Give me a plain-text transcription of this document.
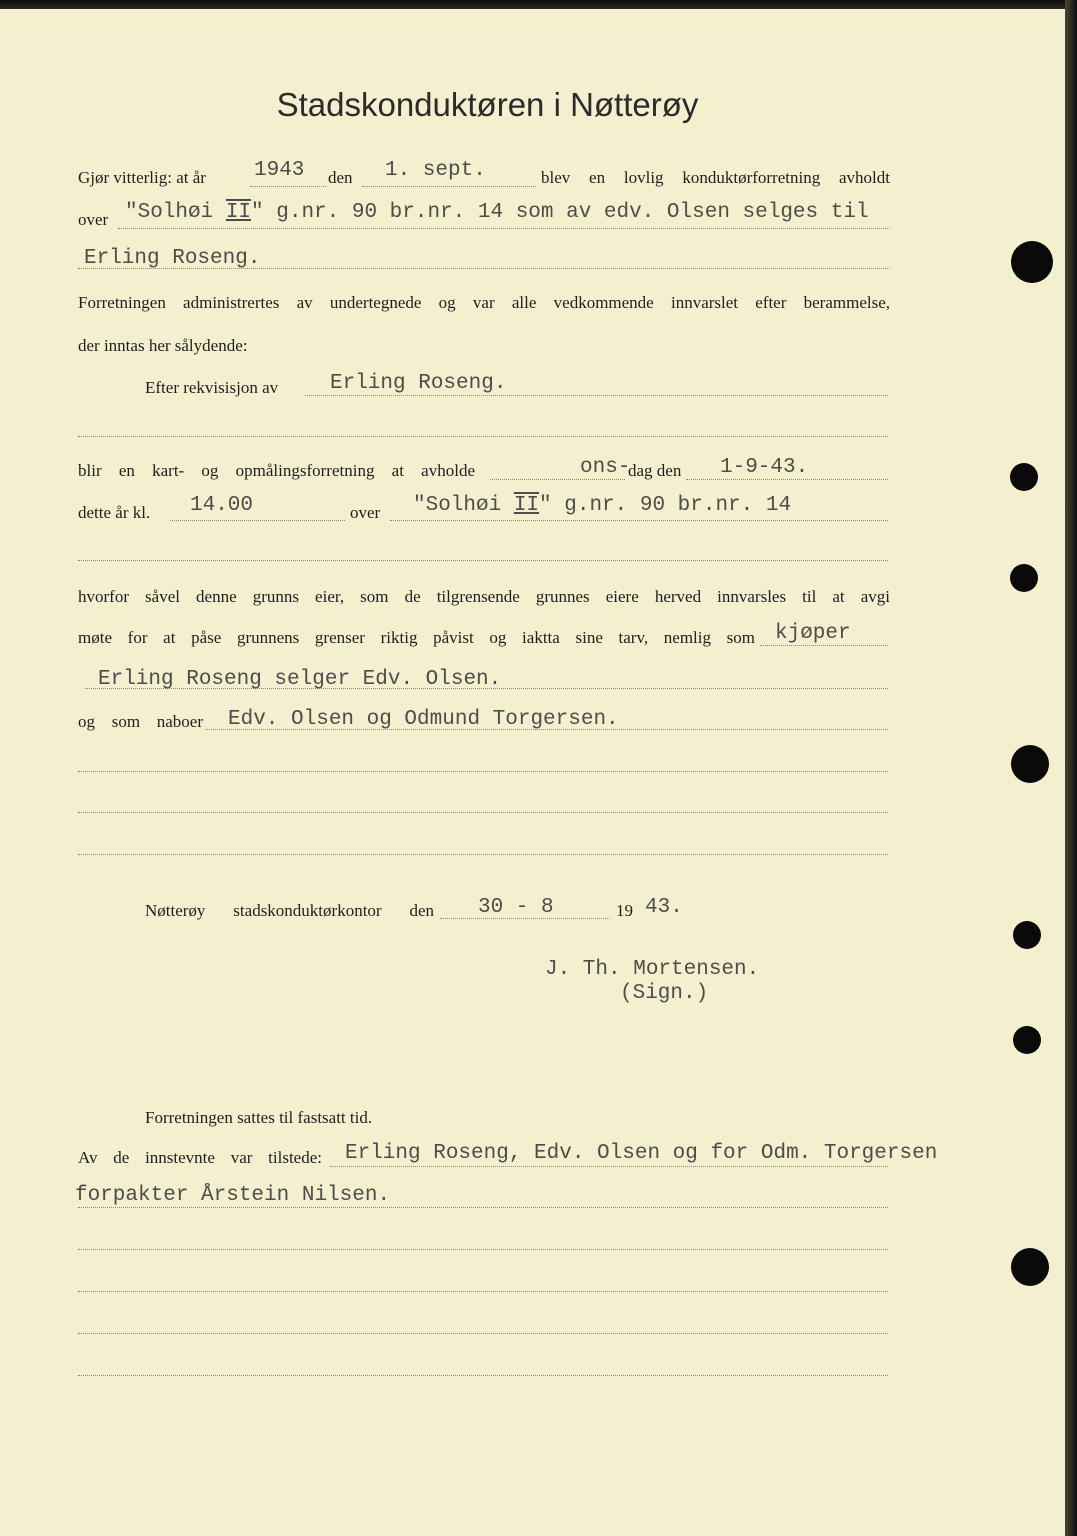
Stadskonduktøren i Nøtterøy
Gjør vitterlig: at år 1943 den 1. sept.	blev en lovlig konduktørforretning avholdt
over "Solhøi II" g.nr. 90 br.nr. 14 som av edv. Olsen selges til
Erling Roseng.
Forretningen administrertes av undertegnede og var alle vedkommende innvarslet efter berammelse,
der inntas her sålydende:
Efter rekvisisjon av Erling Roseng.
blir en kart- og opmålingsforretning at avholde	ons-
dag den 1-9-43.
dette år kl. 14.00	over "Solhøi II" g.nr. 90 br.nr. 14
hvorfor såvel denne grunns eier, som de tilgrensende grunnes eiere herved innvarsles til at avgi
møte for at påse grunnens grenser riktig påvist og iaktta sine tarv, nemlig som kjøper
Erling Roseng selger Edv. Olsen.
og som naboer Edv. Olsen og Odmund Torgersen.
Nøtterøy stadskonduktørkontor den 30 - 8	19 43.
J. Th. Mortensen.
(Sign.)
Forretningen sattes til fastsatt tid.
Av de innstevnte var tilstede: Erling Roseng, Edv. Olsen og for Odm. Torgersen
forpakter Årstein Nilsen.
